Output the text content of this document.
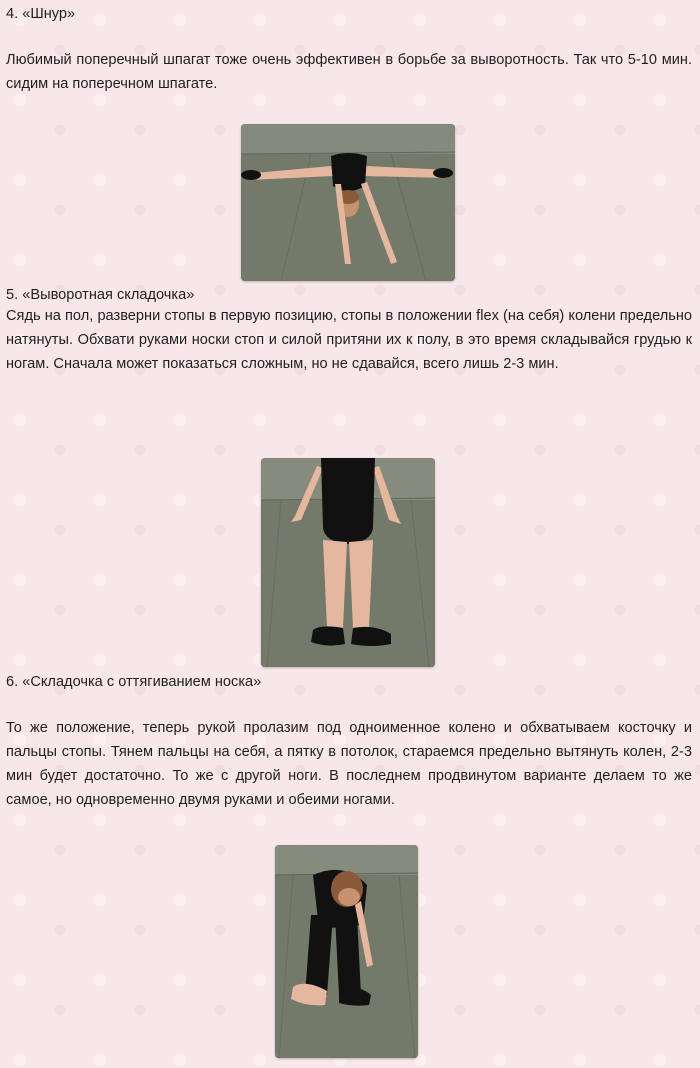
4. «Шнур»

Любимый поперечный шпагат тоже очень эффективен в борьбе за выворотность. Так что 5-10 мин. сидим на поперечном шпагате.

5. «Выворотная складочка»

Сядь на пол, разверни стопы в первую позицию, стопы в положении flex (на себя) колени предельно натянуты. Обхвати руками носки стоп и силой притяни их к полу, в это время складывайся грудью к ногам. Сначала может показаться сложным, но не сдавайся, всего лишь 2-3 мин.

6. «Складочка с оттягиванием носка»

То же положение, теперь рукой пролазим под одноименное колено и обхватываем косточку и пальцы стопы. Тянем пальцы на себя, а пятку в потолок, стараемся предельно вытянуть колен, 2-3 мин будет достаточно. То же с другой ноги. В последнем продвинутом варианте делаем то же самое, но одновременно двумя руками и обеими ногами.
